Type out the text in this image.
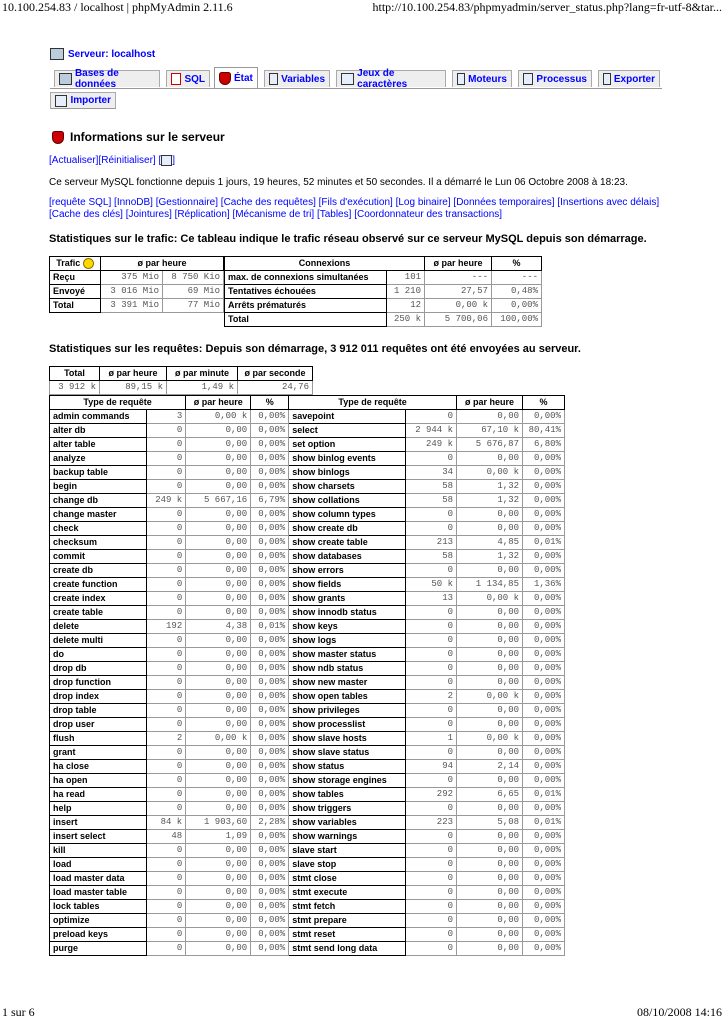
10.100.254.83 / localhost | phpMyAdmin 2.11.6	http://10.100.254.83/phpmyadmin/server_status.php?lang=fr-utf-8&tar...
Serveur: localhost
Bases de données	SQL	État	Variables	Jeux de caractères	Moteurs	Processus	Exporter
Importer
Informations sur le serveur
[Actualiser][Réinitialiser] [ ]
Ce serveur MySQL fonctionne depuis 1 jours, 19 heures, 52 minutes et 50 secondes. Il a démarré le Lun 06 Octobre 2008 à 18:23.
[requête SQL] [InnoDB] [Gestionnaire] [Cache des requêtes] [Fils d'exécution] [Log binaire] [Données temporaires] [Insertions avec délais] [Cache des clés] [Jointures] [Réplication] [Mécanisme de tri] [Tables] [Coordonnateur des transactions]
Statistiques sur le trafic: Ce tableau indique le trafic réseau observé sur ce serveur MySQL depuis son démarrage.
Trafic	ø par heure	
Reçu	375 Mio	8 750 Kio
Envoyé	3 016 Mio	69 Mio
Total	3 391 Mio	77 Mio
Connexions		ø par heure	%
max. de connexions simultanées	101	---	---
Tentatives échouées	1 210	27,57	0,48%
Arrêts prématurés	12	0,00 k	0,00%
Total	250 k	5 700,06	100,00%
Statistiques sur les requêtes: Depuis son démarrage, 3 912 011 requêtes ont été envoyées au serveur.
Total	ø par heure	ø par minute	ø par seconde
3 912 k	89,15 k	1,49 k	24,76
Type de requête		ø par heure	%	Type de requête		ø par heure	%
admin commands	3	0,00 k	0,00%	savepoint	0	0,00	0,00%
alter db	0	0,00	0,00%	select	2 944 k	67,10 k	80,41%
alter table	0	0,00	0,00%	set option	249 k	5 676,87	6,80%
analyze	0	0,00	0,00%	show binlog events	0	0,00	0,00%
backup table	0	0,00	0,00%	show binlogs	34	0,00 k	0,00%
begin	0	0,00	0,00%	show charsets	58	1,32	0,00%
change db	249 k	5 667,16	6,79%	show collations	58	1,32	0,00%
change master	0	0,00	0,00%	show column types	0	0,00	0,00%
check	0	0,00	0,00%	show create db	0	0,00	0,00%
checksum	0	0,00	0,00%	show create table	213	4,85	0,01%
commit	0	0,00	0,00%	show databases	58	1,32	0,00%
create db	0	0,00	0,00%	show errors	0	0,00	0,00%
create function	0	0,00	0,00%	show fields	50 k	1 134,85	1,36%
create index	0	0,00	0,00%	show grants	13	0,00 k	0,00%
create table	0	0,00	0,00%	show innodb status	0	0,00	0,00%
delete	192	4,38	0,01%	show keys	0	0,00	0,00%
delete multi	0	0,00	0,00%	show logs	0	0,00	0,00%
do	0	0,00	0,00%	show master status	0	0,00	0,00%
drop db	0	0,00	0,00%	show ndb status	0	0,00	0,00%
drop function	0	0,00	0,00%	show new master	0	0,00	0,00%
drop index	0	0,00	0,00%	show open tables	2	0,00 k	0,00%
drop table	0	0,00	0,00%	show privileges	0	0,00	0,00%
drop user	0	0,00	0,00%	show processlist	0	0,00	0,00%
flush	2	0,00 k	0,00%	show slave hosts	1	0,00 k	0,00%
grant	0	0,00	0,00%	show slave status	0	0,00	0,00%
ha close	0	0,00	0,00%	show status	94	2,14	0,00%
ha open	0	0,00	0,00%	show storage engines	0	0,00	0,00%
ha read	0	0,00	0,00%	show tables	292	6,65	0,01%
help	0	0,00	0,00%	show triggers	0	0,00	0,00%
insert	84 k	1 903,60	2,28%	show variables	223	5,08	0,01%
insert select	48	1,09	0,00%	show warnings	0	0,00	0,00%
kill	0	0,00	0,00%	slave start	0	0,00	0,00%
load	0	0,00	0,00%	slave stop	0	0,00	0,00%
load master data	0	0,00	0,00%	stmt close	0	0,00	0,00%
load master table	0	0,00	0,00%	stmt execute	0	0,00	0,00%
lock tables	0	0,00	0,00%	stmt fetch	0	0,00	0,00%
optimize	0	0,00	0,00%	stmt prepare	0	0,00	0,00%
preload keys	0	0,00	0,00%	stmt reset	0	0,00	0,00%
purge	0	0,00	0,00%	stmt send long data	0	0,00	0,00%
1 sur 6	08/10/2008 14:16
